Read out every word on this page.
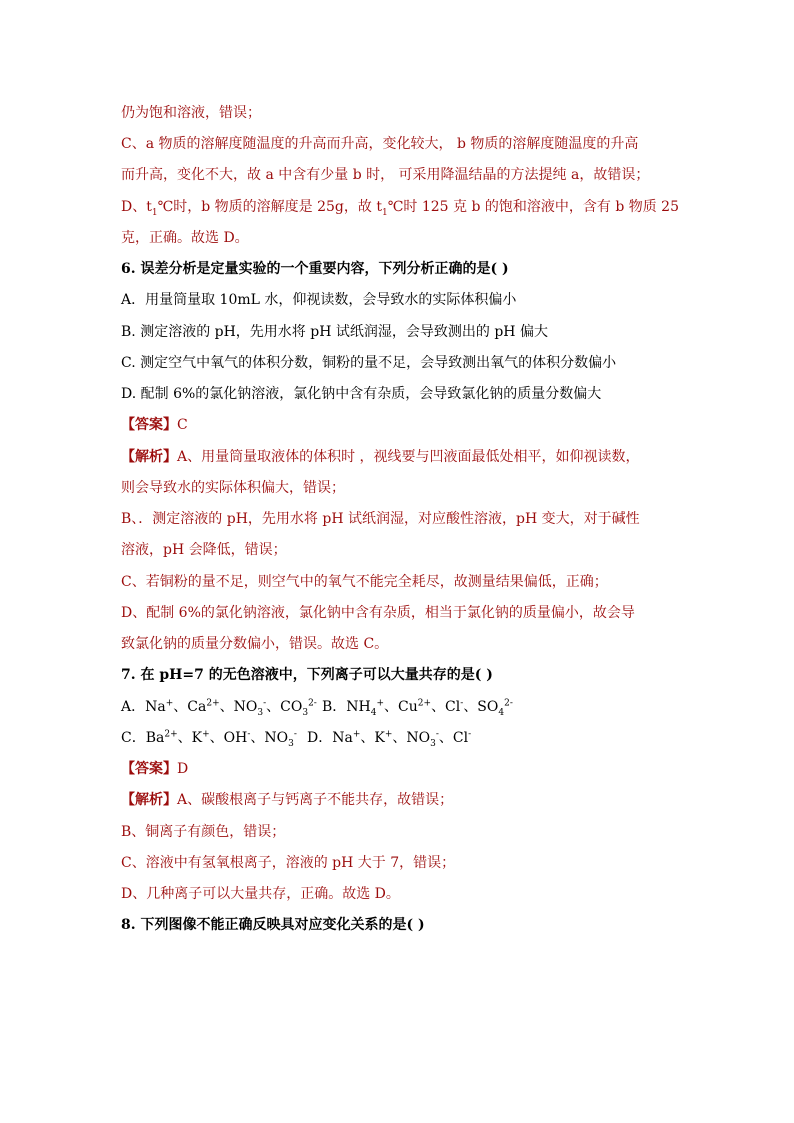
仍为饱和溶液，错误；
C、a 物质的溶解度随温度的升高而升高，变化较大， b 物质的溶解度随温度的升高
而升高，变化不大，故 a 中含有少量 b 时， 可采用降温结晶的方法提纯 a，故错误；
D、$t_1℃$时，b 物质的溶解度是 25g，故 $t_1℃$时 125 克 b 的饱和溶液中，含有 b 物质 25
克，正确。故选 D。
6. 误差分析是定量实验的一个重要内容，下列分析正确的是( )
A．用量筒量取 10mL 水，仰视读数，会导致水的实际体积偏小
B. 测定溶液的 pH，先用水将 pH 试纸润湿，会导致测出的 pH 偏大
C. 测定空气中氧气的体积分数，铜粉的量不足，会导致测出氧气的体积分数偏小
D. 配制 6%的氯化钠溶液，氯化钠中含有杂质，会导致氯化钠的质量分数偏大
【答案】C
【解析】A、用量筒量取液体的体积时 ，视线要与凹液面最低处相平，如仰视读数，
则会导致水的实际体积偏大，错误；
B、．测定溶液的 pH，先用水将 pH 试纸润湿，对应酸性溶液，pH 变大，对于碱性
溶液，pH 会降低，错误；
C、若铜粉的量不足，则空气中的氧气不能完全耗尽，故测量结果偏低，正确；
D、配制 6%的氯化钠溶液，氯化钠中含有杂质，相当于氯化钠的质量偏小，故会导
致氯化钠的质量分数偏小，错误。故选 C。
7. 在 pH=7 的无色溶液中，下列离子可以大量共存的是( )
A．Na+、$Ca^{2+}$、$NO_3^-$、$CO_3^{2-}$ B．$NH_4^+$、$Cu^{2+}$、Cl-、$SO_4^{2-}$
C．$Ba^{2+}$、K+、OH-、$NO_3^-$ D．Na+、K+、$NO_3^-$、Cl-
【答案】D
【解析】A、碳酸根离子与钙离子不能共存，故错误；
B、铜离子有颜色，错误；
C、溶液中有氢氧根离子，溶液的 pH 大于 7，错误；
D、几种离子可以大量共存，正确。故选 D。
8. 下列图像不能正确反映具对应变化关系的是( )
